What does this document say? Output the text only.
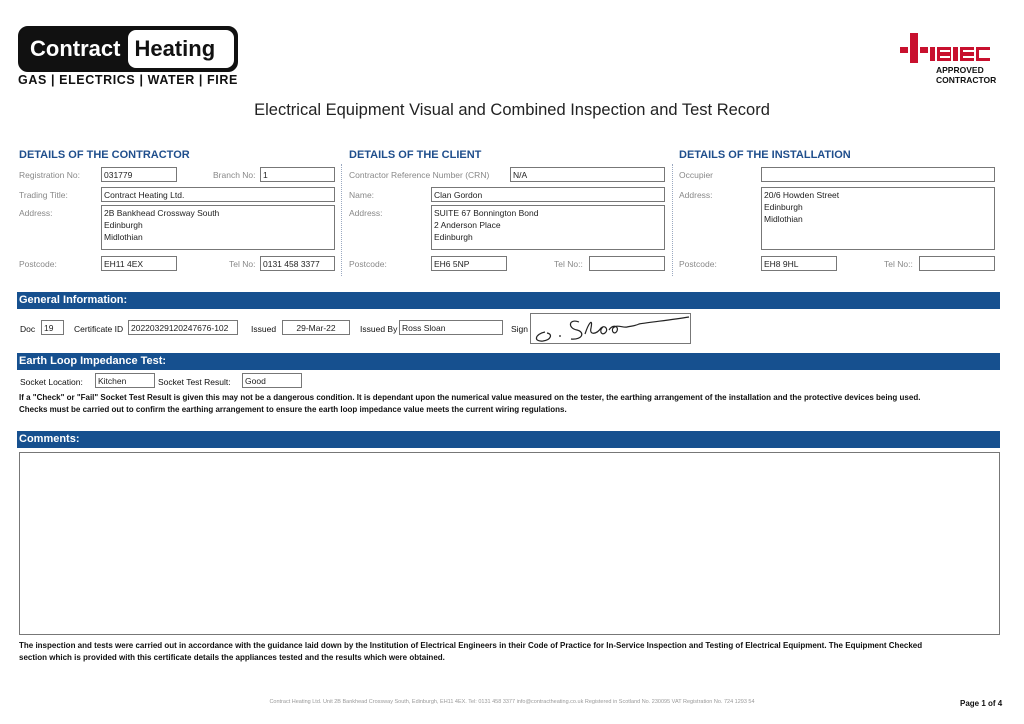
Contract Heating
GAS | ELECTRICS | WATER | FIRE
APPROVED
CONTRACTOR
Electrical Equipment Visual and Combined Inspection and Test Record
DETAILS OF THE CONTRACTOR	DETAILS OF THE CLIENT	DETAILS OF THE INSTALLATION
Registration No:	031779	Branch No: 1
Trading Title:	Contract Heating Ltd.
Address:	2B Bankhead Crossway South
Edinburgh
Midlothian
Postcode:	EH11 4EX	Tel No: 0131 458 3377
Contractor Reference Number (CRN)	N/A
Name:	Clan Gordon
Address:	SUITE 67 Bonnington Bond
2 Anderson Place
Edinburgh
Postcode:	EH6 5NP	Tel No::
Occupier
Address:	20/6 Howden Street
Edinburgh
Midlothian
Postcode:	EH8 9HL	Tel No::
General Information:
Doc	19	Certificate ID 20220329120247676-102	Issued	29-Mar-22	Issued By Ross Sloan	Sign
Earth Loop Impedance Test:
Socket Location:	Kitchen	Socket Test Result:	Good
If a "Check" or "Fail" Socket Test Result is given this may not be a dangerous condition. It is dependant upon the numerical value measured on the tester, the earthing arrangement of the installation and the protective devices being used.
Checks must be carried out to confirm the earthing arrangement to ensure the earth loop impedance value meets the current wiring regulations.
Comments:
The inspection and tests were carried out in accordance with the guidance laid down by the Institution of Electrical Engineers in their Code of Practice for In-Service Inspection and Testing of Electrical Equipment. The Equipment Checked
section which is provided with this certificate details the appliances tested and the results which were obtained.
Contract Heating Ltd. Unit 2B Bankhead Crossway South, Edinburgh, EH11 4EX. Tel: 0131 458 3377 info@contractheating.co.uk Registered in Scotland No. 230095 VAT Registration No. 724 1293 54	Page 1 of 4
